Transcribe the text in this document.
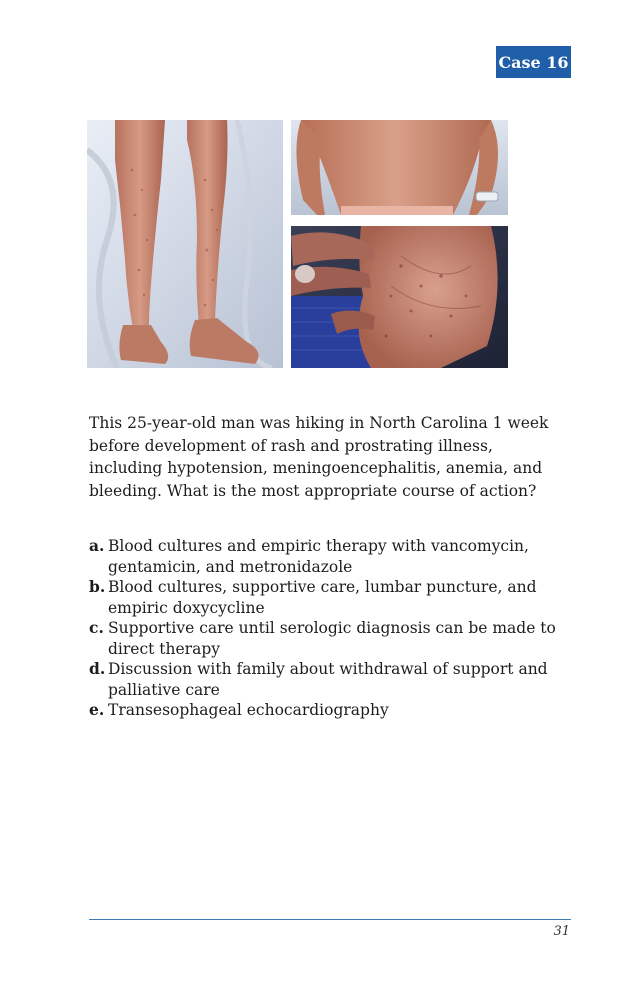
Case 16

This 25-year-old man was hiking in North Carolina 1 week before development of rash and prostrating illness, including hypotension, meningoencephalitis, anemia, and bleeding. What is the most appropriate course of action?

a. Blood cultures and empiric therapy with vancomycin, gentamicin, and metronidazole
b. Blood cultures, supportive care, lumbar puncture, and empiric doxycycline
c. Supportive care until serologic diagnosis can be made to direct therapy
d. Discussion with family about withdrawal of support and palliative care
e. Transesophageal echocardiography
31
